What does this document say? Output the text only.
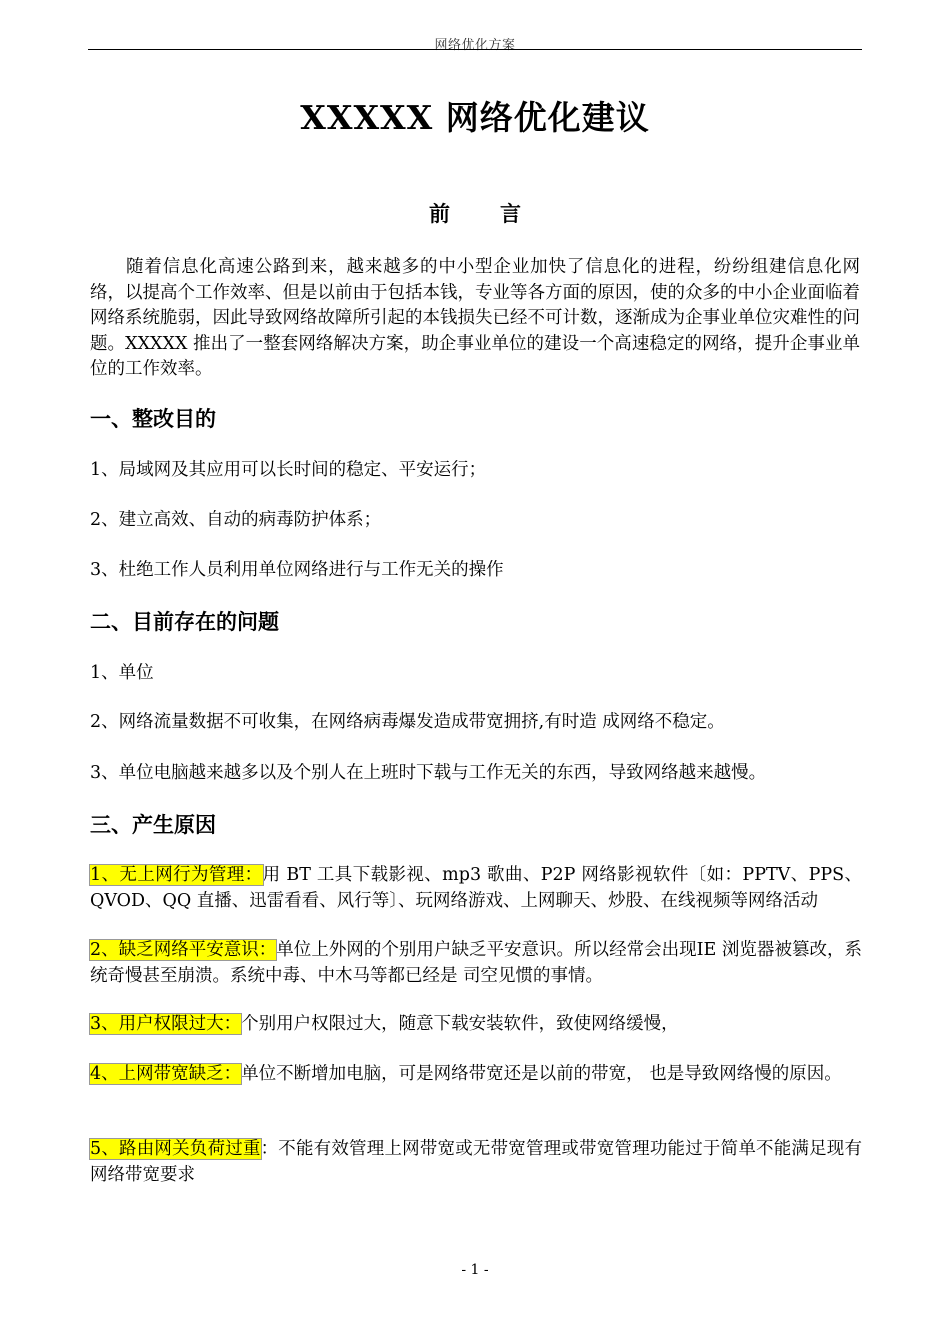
网络优化方案
XXXXX 网络优化建议
前言
随着信息化高速公路到来，越来越多的中小型企业加快了信息化的进程，纷纷组建信息化网络，以提高个工作效率、但是以前由于包括本钱，专业等各方面的原因，使的众多的中小企业面临着网络系统脆弱，因此导致网络故障所引起的本钱损失已经不可计数，逐渐成为企事业单位灾难性的问题。XXXXX 推出了一整套网络解决方案，助企事业单位的建设一个高速稳定的网络，提升企事业单位的工作效率。
一、整改目的
1、局域网及其应用可以长时间的稳定、平安运行；
2、建立高效、自动的病毒防护体系；
3、杜绝工作人员利用单位网络进行与工作无关的操作
二、目前存在的问题
1、单位
2、网络流量数据不可收集，在网络病毒爆发造成带宽拥挤,有时造 成网络不稳定。
3、单位电脑越来越多以及个别人在上班时下载与工作无关的东西，导致网络越来越慢。
三、产生原因
1、无上网行为管理：用 BT 工具下载影视、mp3 歌曲、P2P 网络影视软件〔如：PPTV、PPS、QVOD、QQ 直播、迅雷看看、风行等〕、玩网络游戏、上网聊天、炒股、在线视频等网络活动
2、缺乏网络平安意识：单位上外网的个别用户缺乏平安意识。所以经常会出现IE 浏览器被篡改，系统奇慢甚至崩溃。系统中毒、中木马等都已经是 司空见惯的事情。
3、用户权限过大：个别用户权限过大，随意下载安装软件，致使网络缓慢，
4、上网带宽缺乏：单位不断增加电脑，可是网络带宽还是以前的带宽， 也是导致网络慢的原因。
5、路由网关负荷过重：不能有效管理上网带宽或无带宽管理或带宽管理功能过于简单不能满足现有网络带宽要求
- 1 -
